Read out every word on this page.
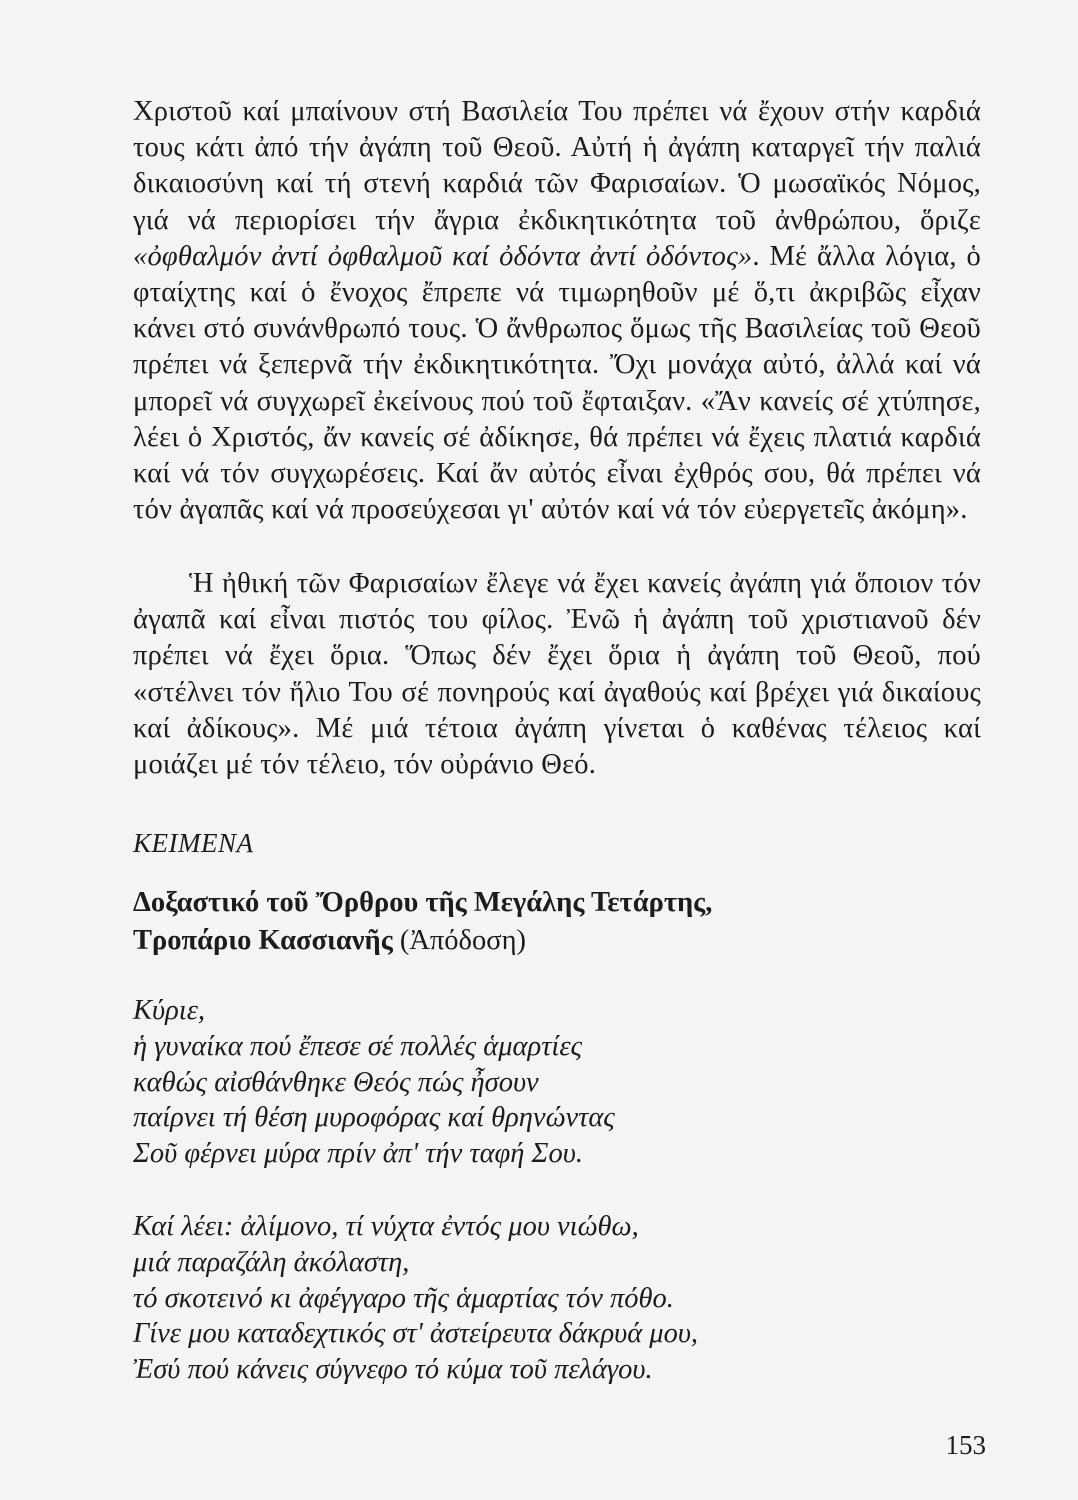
Χριστοῦ καί μπαίνουν στή Βασιλεία Του πρέπει νά ἔχουν στήν καρδιά τους κάτι ἀπό τήν ἀγάπη τοῦ Θεοῦ. Αὐτή ἡ ἀγάπη καταργεῖ τήν παλιά δικαιοσύνη καί τή στενή καρδιά τῶν Φαρισαίων. Ὁ μωσαϊκός Νόμος, γιά νά περιορίσει τήν ἄγρια ἐκδικητικότητα τοῦ ἀνθρώπου, ὅριζε «ὀφθαλμόν ἀντί ὀφθαλμοῦ καί ὀδόντα ἀντί ὀδόντος». Μέ ἄλλα λόγια, ὁ φταίχτης καί ὁ ἔνοχος ἔπρεπε νά τιμωρηθοῦν μέ ὅ,τι ἀκριβῶς εἶχαν κάνει στό συνάνθρωπό τους. Ὁ ἄνθρωπος ὅμως τῆς Βασιλείας τοῦ Θεοῦ πρέπει νά ξεπερνᾶ τήν ἐκδικητικότητα. Ὄχι μονάχα αὐτό, ἀλλά καί νά μπορεῖ νά συγχωρεῖ ἐκείνους πού τοῦ ἔφταιξαν. «Ἄν κανείς σέ χτύπησε, λέει ὁ Χριστός, ἄν κανείς σέ ἀδίκησε, θά πρέπει νά ἔχεις πλατιά καρδιά καί νά τόν συγχωρέσεις. Καί ἄν αὐτός εἶναι ἐχθρός σου, θά πρέπει νά τόν ἀγαπᾶς καί νά προσεύχεσαι γι' αὐτόν καί νά τόν εὐεργετεῖς ἀκόμη».

Ἡ ἠθική τῶν Φαρισαίων ἔλεγε νά ἔχει κανείς ἀγάπη γιά ὅποιον τόν ἀγαπᾶ καί εἶναι πιστός του φίλος. Ἐνῶ ἡ ἀγάπη τοῦ χριστιανοῦ δέν πρέπει νά ἔχει ὅρια. Ὅπως δέν ἔχει ὅρια ἡ ἀγάπη τοῦ Θεοῦ, πού «στέλνει τόν ἥλιο Του σέ πονηρούς καί ἀγαθούς καί βρέχει γιά δικαίους καί ἀδίκους». Μέ μιά τέτοια ἀγάπη γίνεται ὁ καθένας τέλειος καί μοιάζει μέ τόν τέλειο, τόν οὐράνιο Θεό.

ΚΕΙΜΕΝΑ
Δοξαστικό τοῦ Ὄρθρου τῆς Μεγάλης Τετάρτης,
Τροπάριο Κασσιανῆς (Ἀπόδοση)
Κύριε,
ἡ γυναίκα πού ἔπεσε σέ πολλές ἁμαρτίες
καθώς αἰσθάνθηκε Θεός πώς ἦσουν
παίρνει τή θέση μυροφόρας καί θρηνώντας
Σοῦ φέρνει μύρα πρίν ἀπ' τήν ταφή Σου.
Καί λέει: ἀλίμονο, τί νύχτα ἐντός μου νιώθω,
μιά παραζάλη ἀκόλαστη,
τό σκοτεινό κι ἀφέγγαρο τῆς ἁμαρτίας τόν πόθο.
Γίνε μου καταδεχτικός στ' ἀστείρευτα δάκρυά μου,
Ἐσύ πού κάνεις σύγνεφο τό κύμα τοῦ πελάγου.
153
